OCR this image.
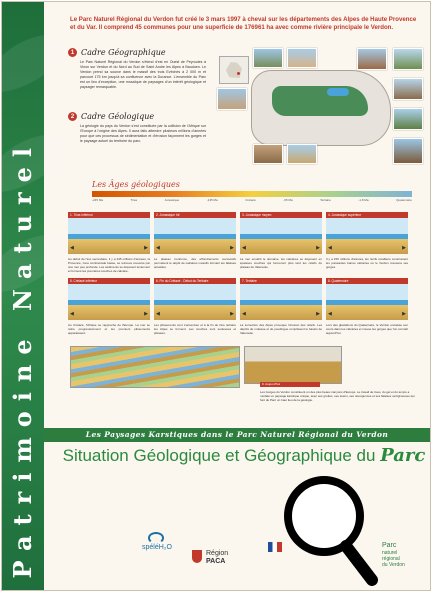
Patrimoine Naturel
Le Parc Naturel Régional du Verdon fut créé le 3 mars 1997 à cheval sur les départements des Alpes de Haute Provence et du Var. Il comprend 45 communes pour une superficie de 176961 ha avec comme rivière principale le Verdon.
1 Cadre Géographique
Le Parc Naturel Régional du Verdon s'étend d'est en Ouest de Peyroules à Vinon sur Verdon et du Nord au Sud de Saint Andre les Alpes à Bauduen. Le Verdon prend sa source dans le massif des trois Evêchés à 2 000 m et parcourt 175 km jusqu'à sa confluence avec la Durance. L'ensemble du Parc est un lieu d'exception, une mosaïque de paysages d'un intérêt géologique et paysager remarquable.
2 Cadre Géologique
La géologie du pays du Verdon s'est constituée par la collision de l'Afrique sur l'Europe à l'origine des Alpes. Il aura fallu attendre plusieurs millions d'années pour que ces processus de sédimentation et d'érosion façonnent les gorges et le paysage actuel du territoire du parc.
Les Âges géologiques
-245 Ma	Trias	Jurassique	-135 Ma	Crétacé	-65 Ma	Tertiaire	-1,8 Ma	Quaternaire
1. Trias inférieur
◀	▶
Au début de l'ère secondaire, il y a 245 millions d'années, la Provence, zone continentale basse, se retrouve couverte par une mer peu profonde. Les sédiments se déposent lentement et forment les premières couches de calcaire.
2. Jurassique Inf.
◀	▶
Le plateau s'enfonce, des effondrements successifs permettent le dépôt de calcaires massifs formant les falaises actuelles.
3. Jurassique moyen
◀	▶
La mer envahit le domaine, les calcaires se déposent en épaisses couches qui formeront plus tard les reliefs du plateau de Valensole.
4. Jurassique supérieur
◀	▶
Il y a 150 millions d'années, les récifs coralliens construisent les puissantes barres calcaires où le Verdon creusera ses gorges.
5. Crétacé inférieur
◀	▶
Au Crétacé, l'Afrique se rapproche de l'Europe. La mer se retire progressivement et les premiers plissements apparaissent.
6. Fin du Crétacé - Début du Tertiaire
◀	▶
Les plissements vont s'accentuer et à la fin de l'ère tertiaire les Alpes se forment. Les couches sont soulevées et plissées.
7. Tertiaire
◀	▶
La surrection des Alpes provoque l'érosion des reliefs. Les dépôts de molasse et de poudingue remplissent le bassin de Valensole.
8. Quaternaire
◀	▶
Lors des glaciations du Quaternaire, le Verdon encaisse son cours dans les calcaires et creuse les gorges que l'on connaît aujourd'hui.
9. Aujourd'hui
Les Gorges du Verdon constituent un des plus beaux canyons d'Europe. Le travail de l'eau, du gel et du temps a modelé un paysage karstique unique, avec ses grottes, ses avens, ses résurgences et ses falaises vertigineuses qui font du Parc un haut lieu de la géologie.
Les Paysages Karstiques dans le Parc Naturel Régional du Verdon
Situation Géologique et Géographique du Parc
spéléH₂O
Région
PACA
Parc
naturel
régional
du Verdon
